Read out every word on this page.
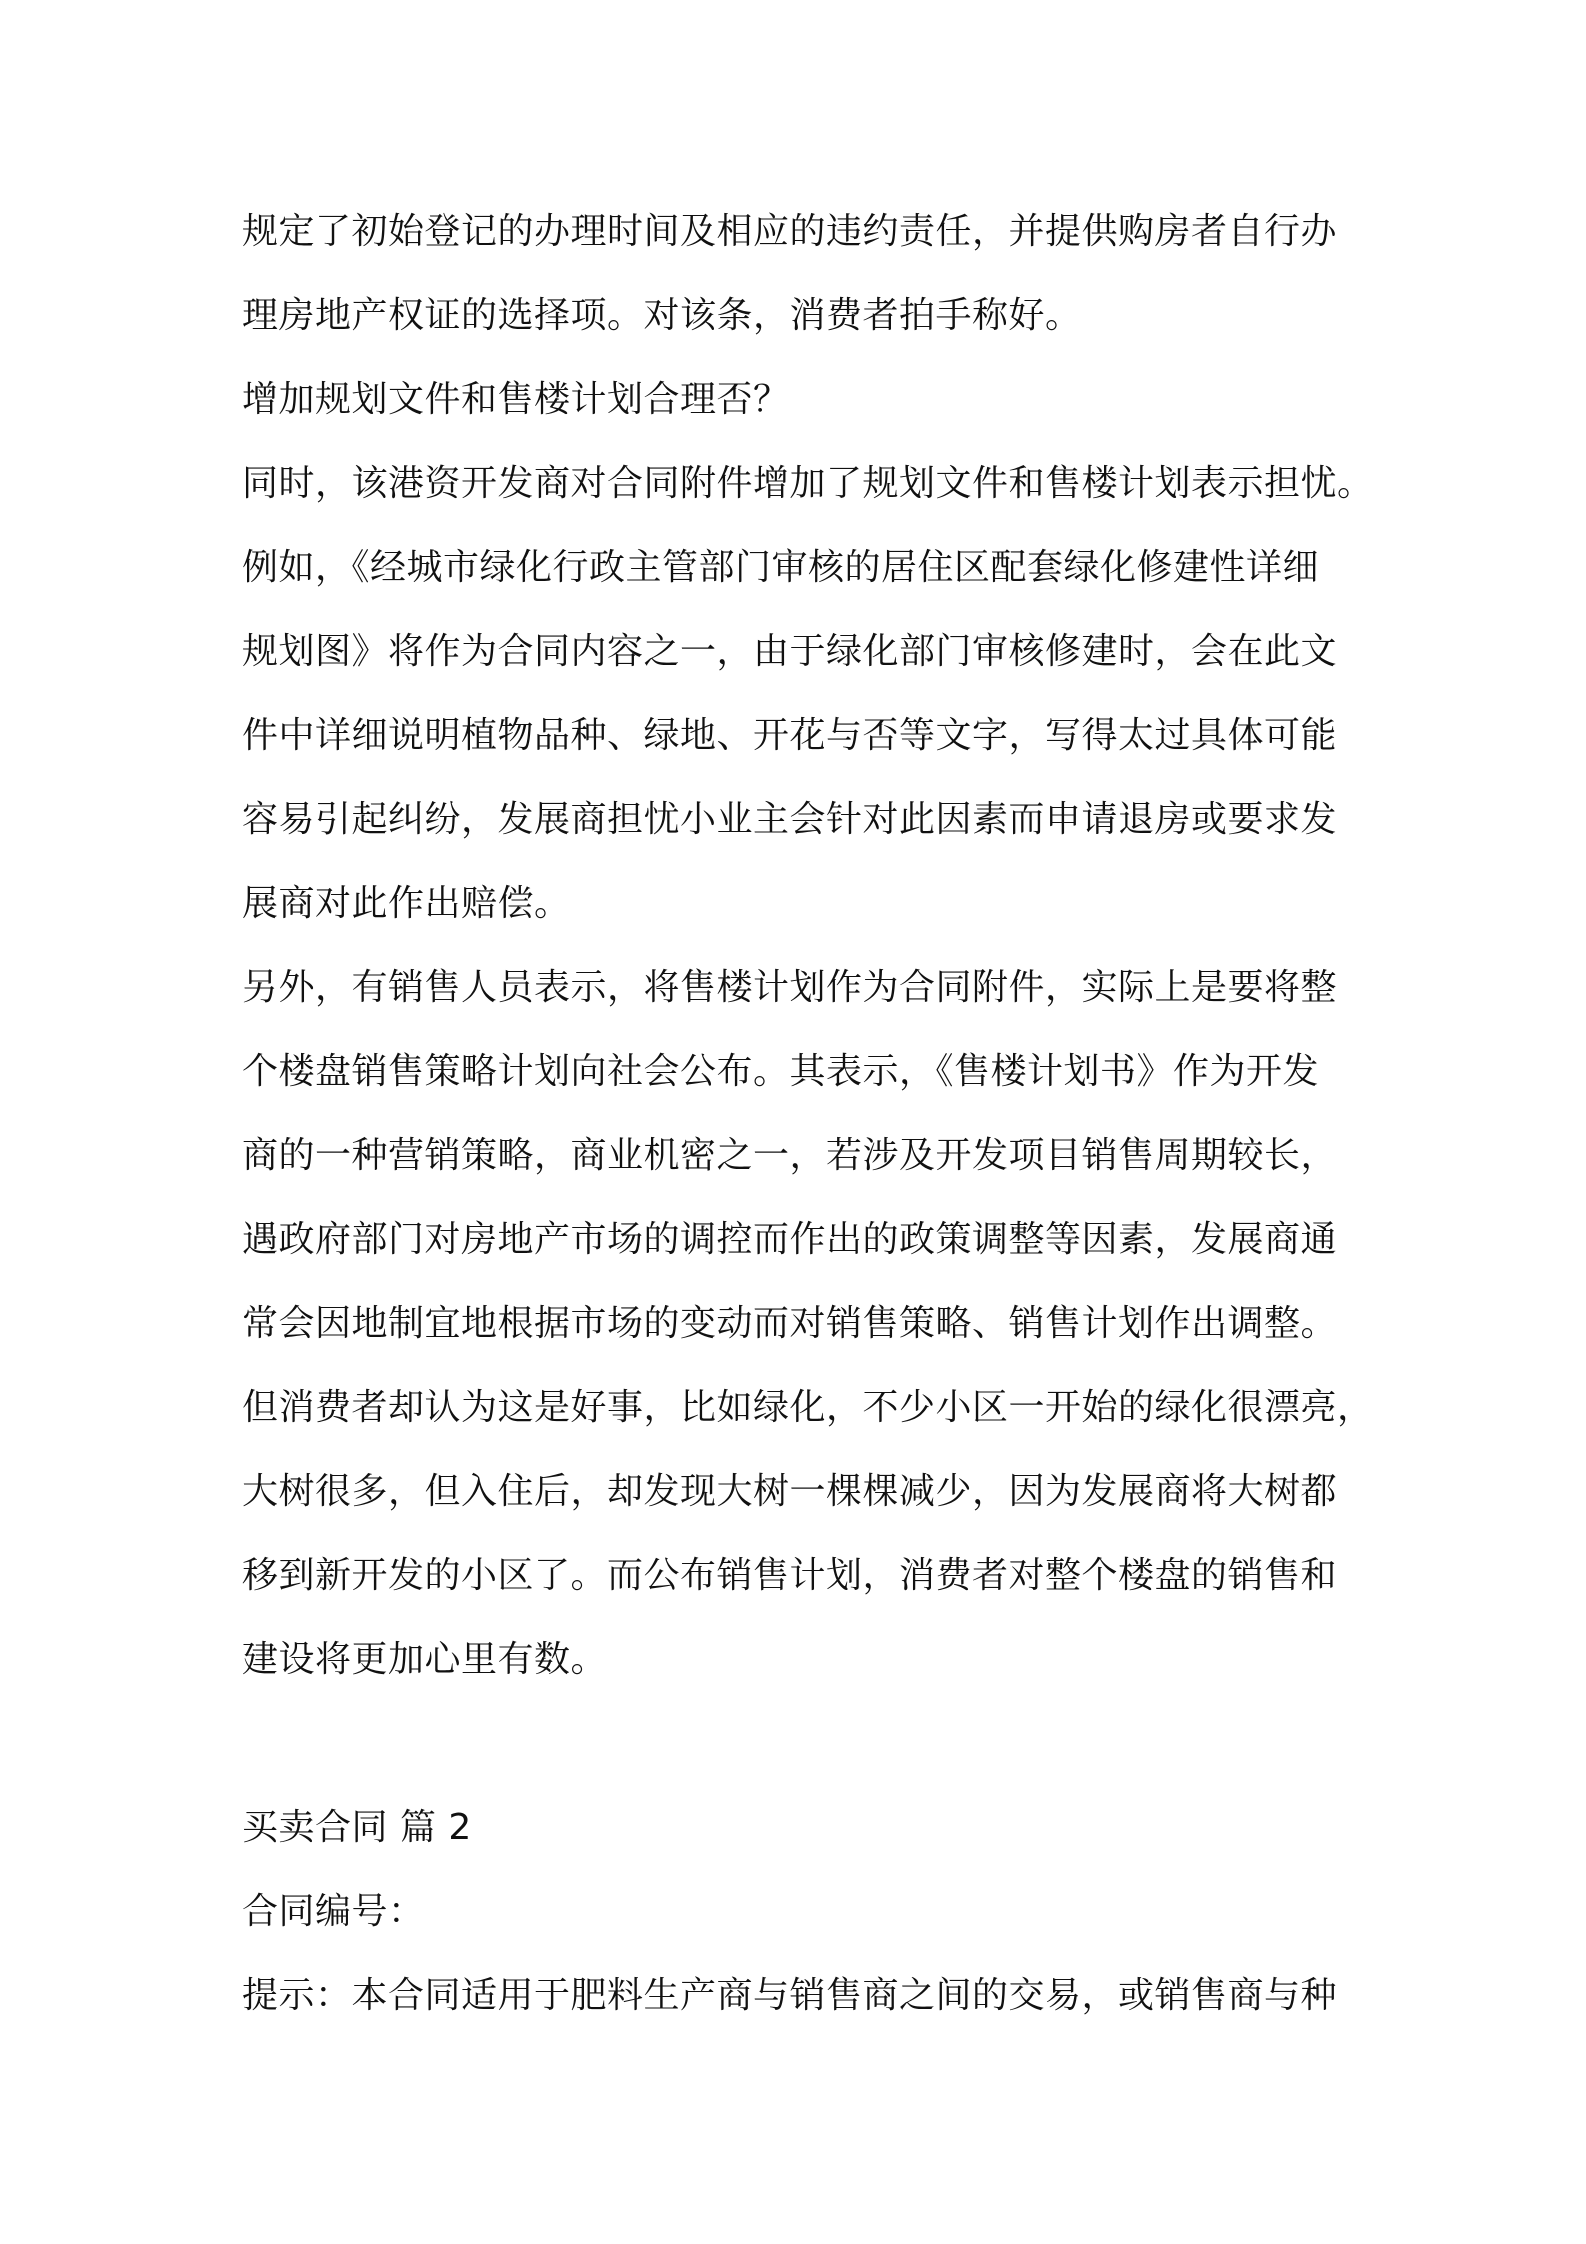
规定了初始登记的办理时间及相应的违约责任，并提供购房者自行办
理房地产权证的选择项。对该条，消费者拍手称好。
增加规划文件和售楼计划合理否？
同时，该港资开发商对合同附件增加了规划文件和售楼计划表示担忧。
例如，《经城市绿化行政主管部门审核的居住区配套绿化修建性详细
规划图》将作为合同内容之一，由于绿化部门审核修建时，会在此文
件中详细说明植物品种、绿地、开花与否等文字，写得太过具体可能
容易引起纠纷，发展商担忧小业主会针对此因素而申请退房或要求发
展商对此作出赔偿。
另外，有销售人员表示，将售楼计划作为合同附件，实际上是要将整
个楼盘销售策略计划向社会公布。其表示，《售楼计划书》作为开发
商的一种营销策略，商业机密之一，若涉及开发项目销售周期较长，
遇政府部门对房地产市场的调控而作出的政策调整等因素，发展商通
常会因地制宜地根据市场的变动而对销售策略、销售计划作出调整。
但消费者却认为这是好事，比如绿化，不少小区一开始的绿化很漂亮，
大树很多，但入住后，却发现大树一棵棵减少，因为发展商将大树都
移到新开发的小区了。而公布销售计划，消费者对整个楼盘的销售和
建设将更加心里有数。
买卖合同 篇 2
合同编号：
提示：本合同适用于肥料生产商与销售商之间的交易，或销售商与种
